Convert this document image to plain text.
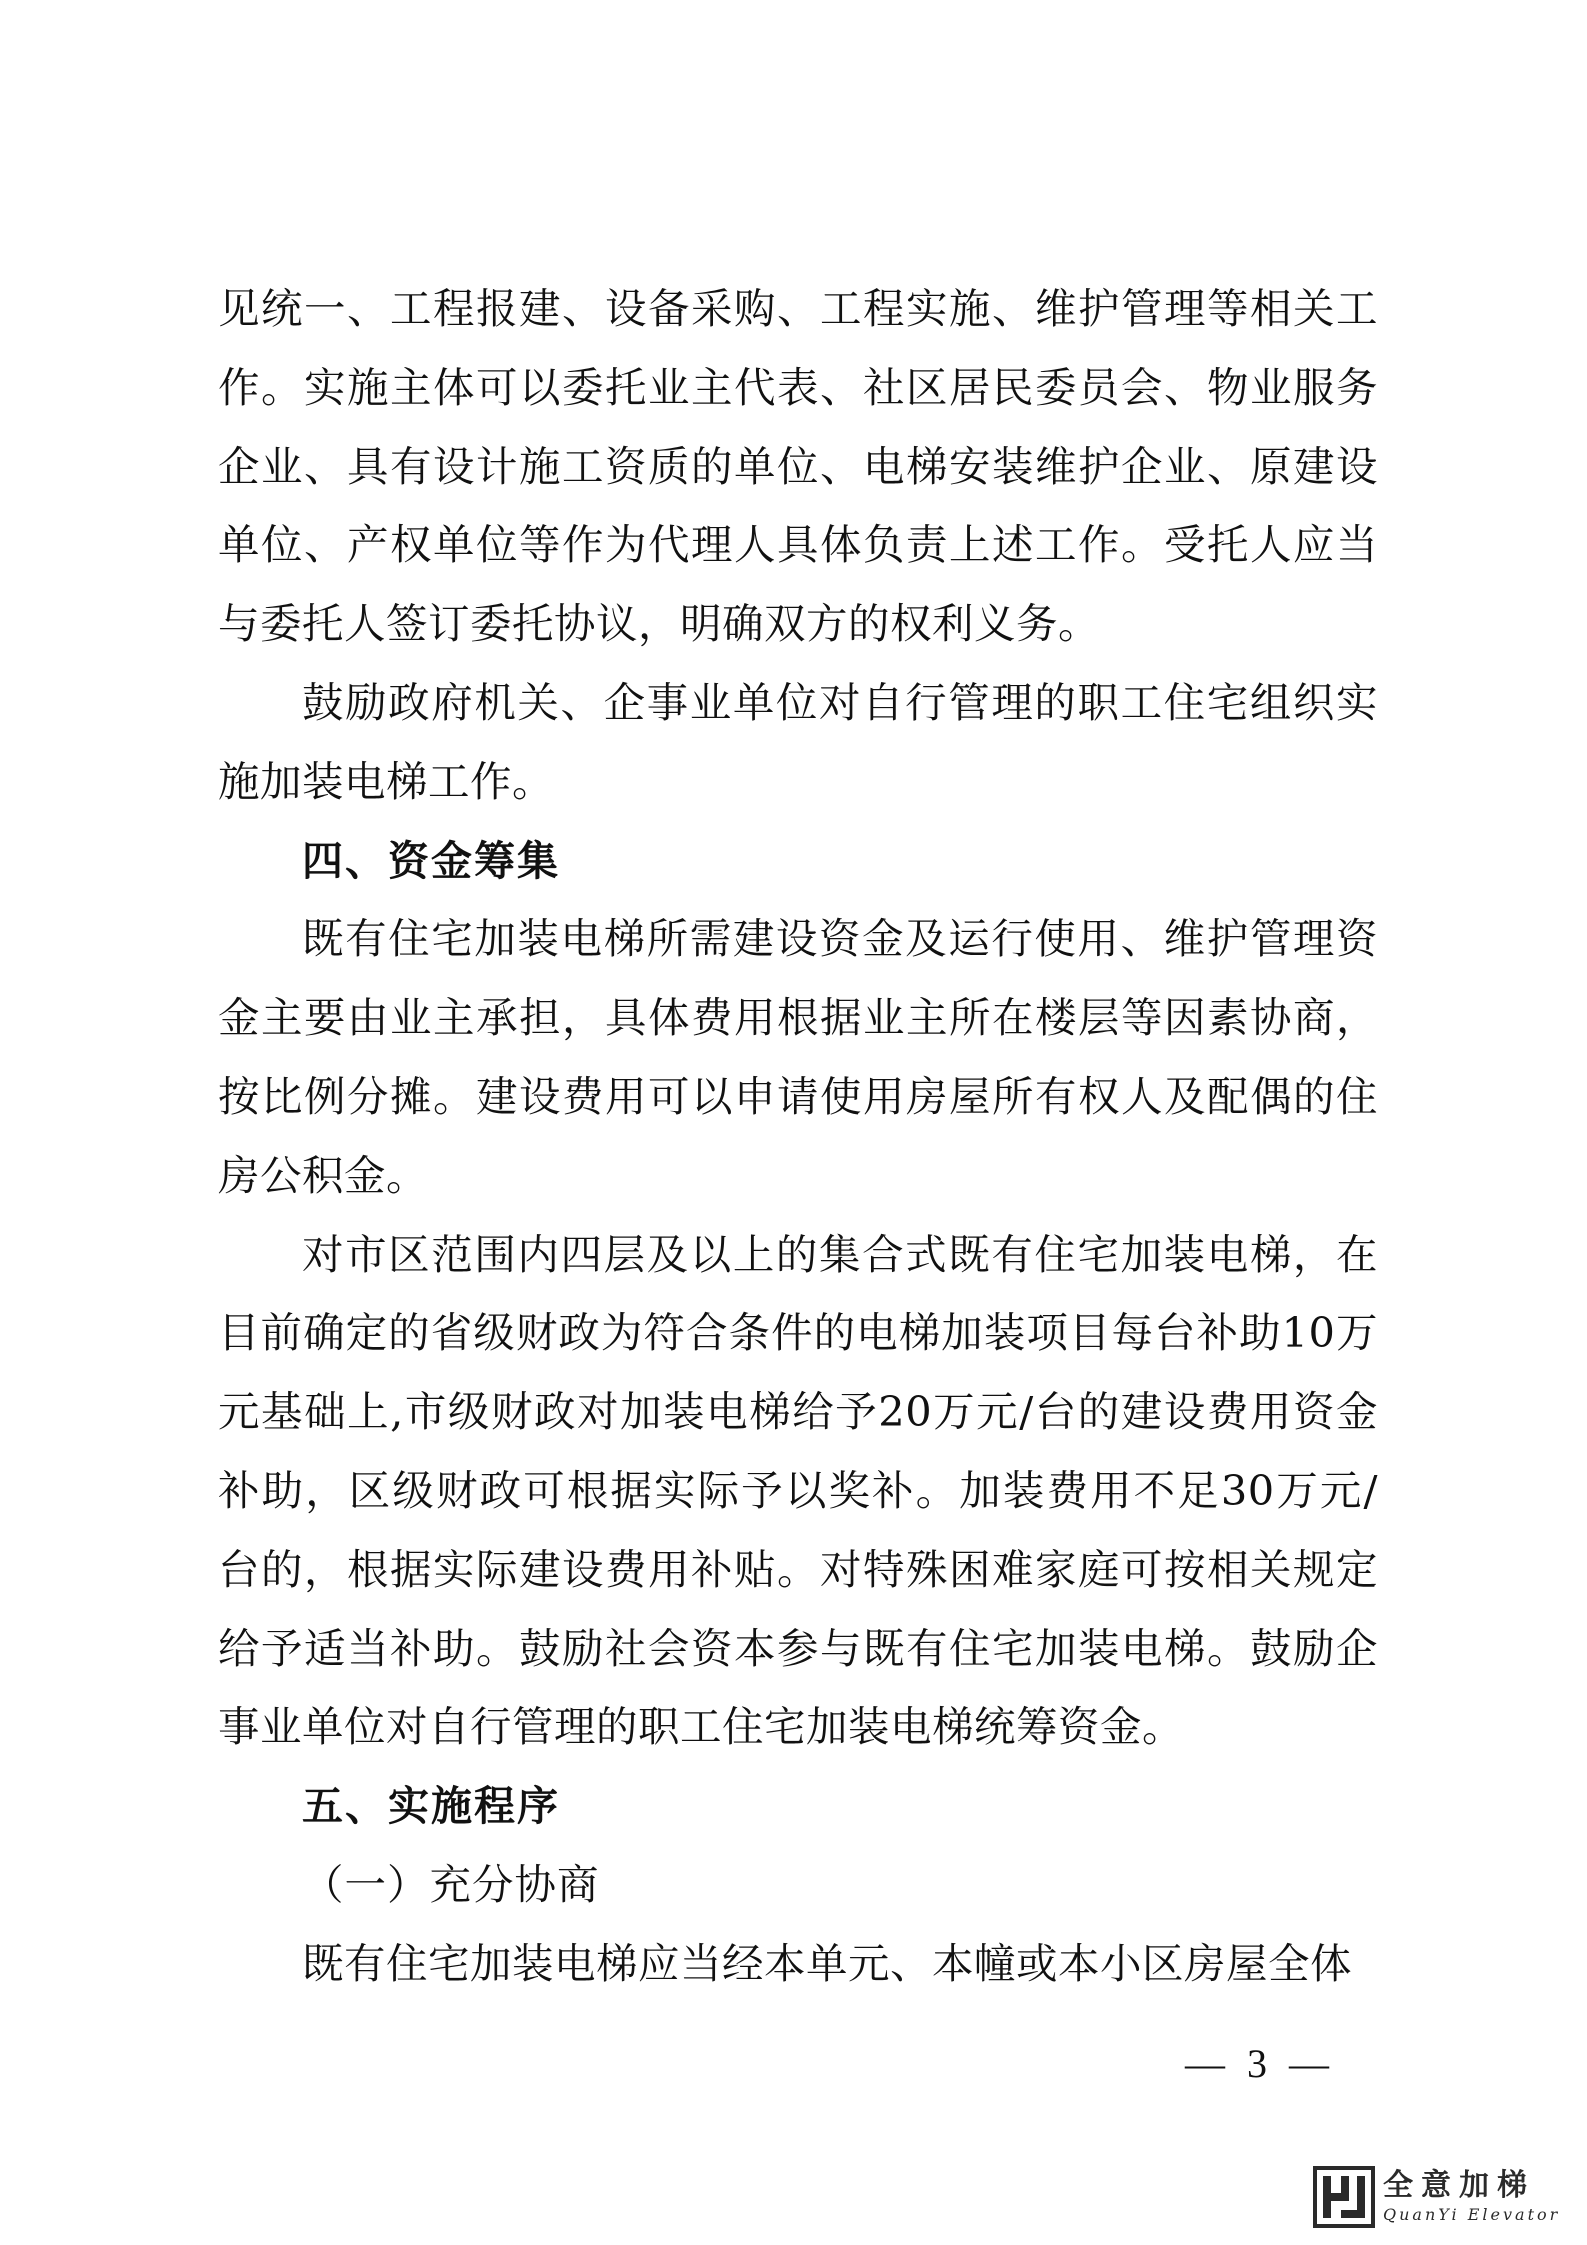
见统一、工程报建、设备采购、工程实施、维护管理等相关工作。实施主体可以委托业主代表、社区居民委员会、物业服务企业、具有设计施工资质的单位、电梯安装维护企业、原建设单位、产权单位等作为代理人具体负责上述工作。受托人应当与委托人签订委托协议，明确双方的权利义务。

鼓励政府机关、企事业单位对自行管理的职工住宅组织实施加装电梯工作。

四、资金筹集

既有住宅加装电梯所需建设资金及运行使用、维护管理资金主要由业主承担，具体费用根据业主所在楼层等因素协商，按比例分摊。建设费用可以申请使用房屋所有权人及配偶的住房公积金。

对市区范围内四层及以上的集合式既有住宅加装电梯，在目前确定的省级财政为符合条件的电梯加装项目每台补助10万元基础上,市级财政对加装电梯给予20万元/台的建设费用资金补助，区级财政可根据实际予以奖补。加装费用不足30万元/台的，根据实际建设费用补贴。对特殊困难家庭可按相关规定给予适当补助。鼓励社会资本参与既有住宅加装电梯。鼓励企事业单位对自行管理的职工住宅加装电梯统筹资金。

五、实施程序

（一）充分协商

既有住宅加装电梯应当经本单元、本幢或本小区房屋全体

— 3 —
全意加梯
QuanYi Elevator
